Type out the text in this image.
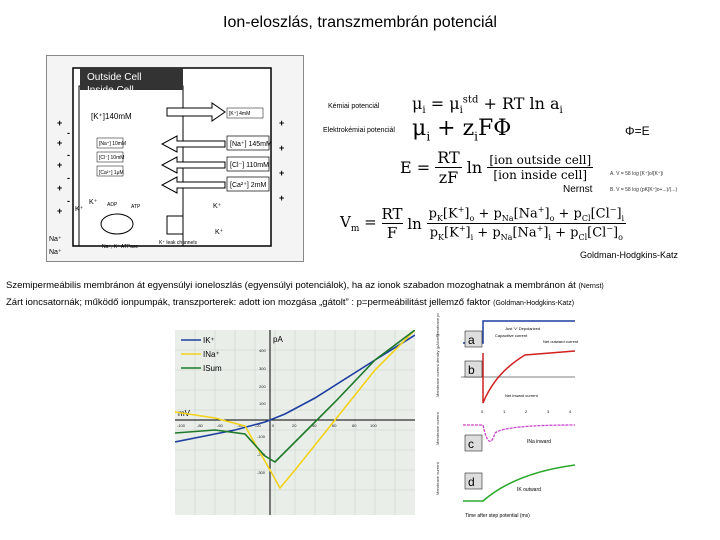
Ion-eloszlás, transzmembrán potenciál
Outside Cell
Inside Cell
[K⁺]140mM
[Na⁺] 10mM
[Cl⁻] 10mM
[Ca²⁺] 1μM
[K⁺] 4mM
[Na⁺] 145mM
[Cl⁻] 110mM
[Ca²⁺] 2mM
+
+
+
+
+
-
-
-
-
+
+
+
+
Na⁺, K⁺ ATPase
ADP	ATP
K⁺ leak channels
K⁺
K⁺
Na⁺
Na⁺
K⁺
K⁺
Kémiai potenciál $\mu_i = \mu_i^{std}$ + RT $\ln a_i$
Elektrokémiai potenciál $\mu_i + z_iF\Phi$	Φ=E
$E = \frac{RT}{zF}$ ln [ion outside cell]
[ion inside cell]
Nernst
A. V = 58 log [K⁺]o/[K⁺]i
B. V = 58 log (pK[K⁺]o+...)/(...)
$V_m = \frac{RT}{F}$ ln
$p_K[K^+]_o + p_{Na}[Na^+]_o + p_{Cl}[Cl^-]_i$
$p_K[K^+]_i + p_{Na}[Na^+]_i + p_{Cl}[Cl^-]_o$
Goldman-Hodgkins-Katz
Szemipermeábilis membránon át egyensúlyi ioneloszlás (egyensúlyi potenciálok), ha az ionok szabadon mozoghatnak a membránon át (Nernst)
Zárt ioncsatornák; működő ionpumpák, transzporterek: adott ion mozgása „gátolt” : p=permeábilitást jellemző faktor (Goldman-Hodgkins-Katz)
pA
mV
-100	-80	-60	-40	-20	0	20	40	60	80	100
400
300
200
100
-100
-200
-300
IK⁺
INa⁺
ISum
Membrane potential (mV)
Membrane current density (μA/cm²)
Membrane current
Membrane current
a
Just 'V' Depolarized
b
Capacitive current
Net outward current
Net inward current
0	1	2	3	4
c	INa inward
d
IK outward
Time after step potential (ms)
